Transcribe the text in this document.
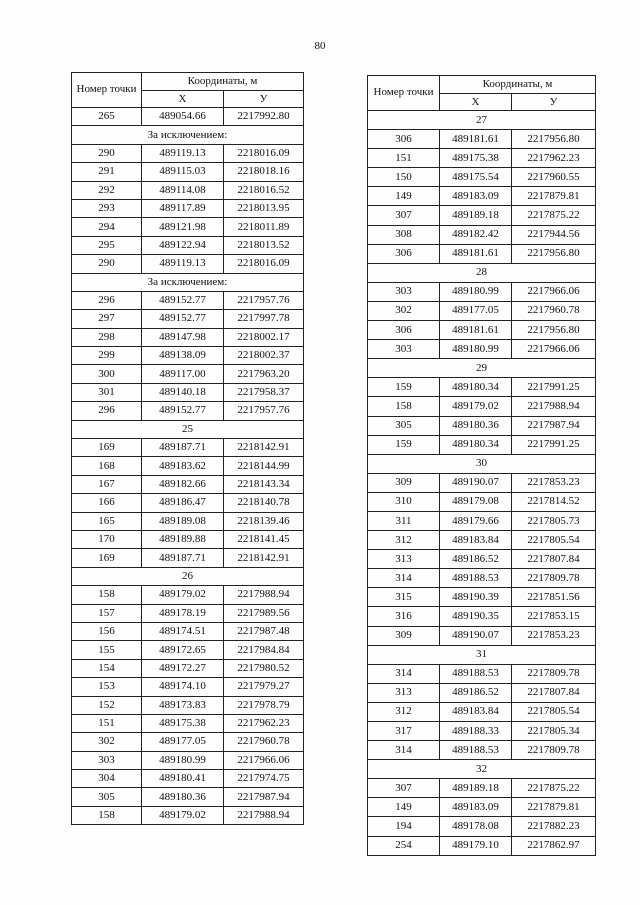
80
Номер точки	Координаты, м	
	X	У
265	489054.66	2217992.80
За исключением:		
290	489119.13	2218016.09
291	489115.03	2218018.16
292	489114.08	2218016.52
293	489117.89	2218013.95
294	489121.98	2218011.89
295	489122.94	2218013.52
290	489119.13	2218016.09
За исключением:		
296	489152.77	2217957.76
297	489152.77	2217997.78
298	489147.98	2218002.17
299	489138.09	2218002.37
300	489117.00	2217963.20
301	489140.18	2217958.37
296	489152.77	2217957.76
25		
169	489187.71	2218142.91
168	489183.62	2218144.99
167	489182.66	2218143.34
166	489186.47	2218140.78
165	489189.08	2218139.46
170	489189.88	2218141.45
169	489187.71	2218142.91
26		
158	489179.02	2217988.94
157	489178.19	2217989.56
156	489174.51	2217987.48
155	489172.65	2217984.84
154	489172.27	2217980.52
153	489174.10	2217979.27
152	489173.83	2217978.79
151	489175.38	2217962.23
302	489177.05	2217960.78
303	489180.99	2217966.06
304	489180.41	2217974.75
305	489180.36	2217987.94
158	489179.02	2217988.94
Номер точки	Координаты, м	
	X	У
27		
306	489181.61	2217956.80
151	489175.38	2217962.23
150	489175.54	2217960.55
149	489183.09	2217879.81
307	489189.18	2217875.22
308	489182.42	2217944.56
306	489181.61	2217956.80
28		
303	489180.99	2217966.06
302	489177.05	2217960.78
306	489181.61	2217956.80
303	489180.99	2217966.06
29		
159	489180.34	2217991.25
158	489179.02	2217988.94
305	489180.36	2217987.94
159	489180.34	2217991.25
30		
309	489190.07	2217853.23
310	489179.08	2217814.52
311	489179.66	2217805.73
312	489183.84	2217805.54
313	489186.52	2217807.84
314	489188.53	2217809.78
315	489190.39	2217851.56
316	489190.35	2217853.15
309	489190.07	2217853.23
31		
314	489188.53	2217809.78
313	489186.52	2217807.84
312	489183.84	2217805.54
317	489188.33	2217805.34
314	489188.53	2217809.78
32		
307	489189.18	2217875.22
149	489183.09	2217879.81
194	489178.08	2217882.23
254	489179.10	2217862.97
